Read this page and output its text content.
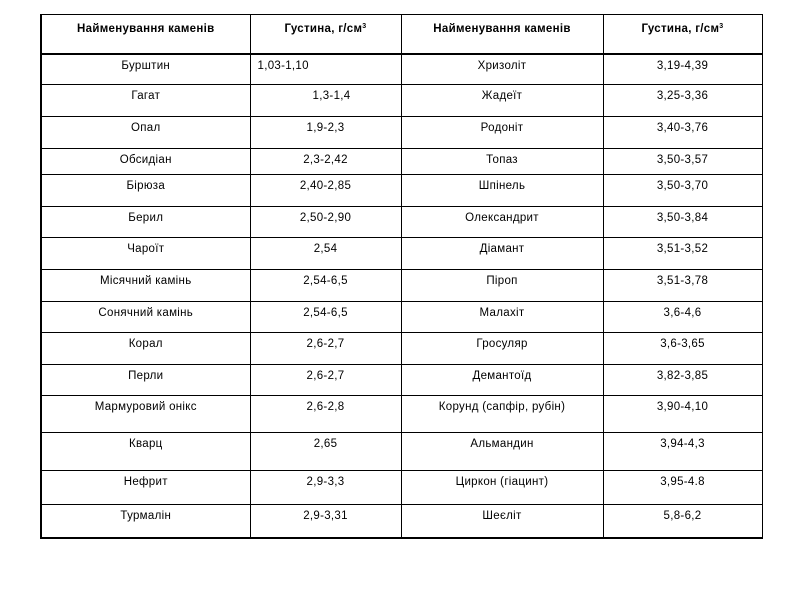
Найменування каменів	Густина, $г/см^3$	Найменування каменів	Густина, $г/см^3$
Бурштин	1,03-1,10	Хризоліт	3,19-4,39
Гагат	1,3-1,4	Жадеїт	3,25-3,36
Опал	1,9-2,3	Родоніт	3,40-3,76
Обсидіан	2,3-2,42	Топаз	3,50-3,57
Бірюза	2,40-2,85	Шпінель	3,50-3,70
Берил	2,50-2,90	Олександрит	3,50-3,84
Чароїт	2,54	Діамант	3,51-3,52
Місячний камінь	2,54-6,5	Піроп	3,51-3,78
Сонячний камінь	2,54-6,5	Малахіт	3,6-4,6
Корал	2,6-2,7	Гросуляр	3,6-3,65
Перли	2,6-2,7	Демантоїд	3,82-3,85
Мармуровий онікс	2,6-2,8	Корунд (сапфір, рубін)	3,90-4,10
Кварц	2,65	Альмандин	3,94-4,3
Нефрит	2,9-3,3	Циркон (гіацинт)	3,95-4.8
Турмалін	2,9-3,31	Шеєліт	5,8-6,2
